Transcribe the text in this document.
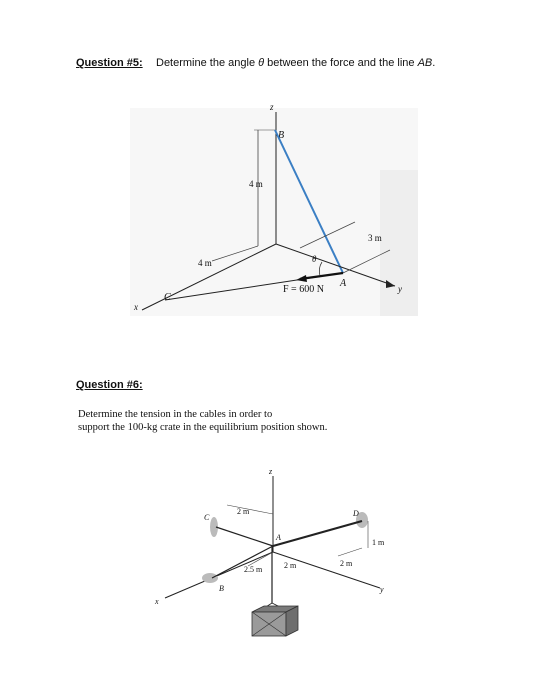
Question #5: Determine the angle θ between the force and the line AB.
z
B
4 m
3 m
4 m	θ
F = 600 N
A
C
x
y
Question #6:
Determine the tension in the cables in order to
support the 100-kg crate in the equilibrium position shown.
z
x
y
C
B
D
A
2 m
1 m
2.5 m	2 m	2 m
